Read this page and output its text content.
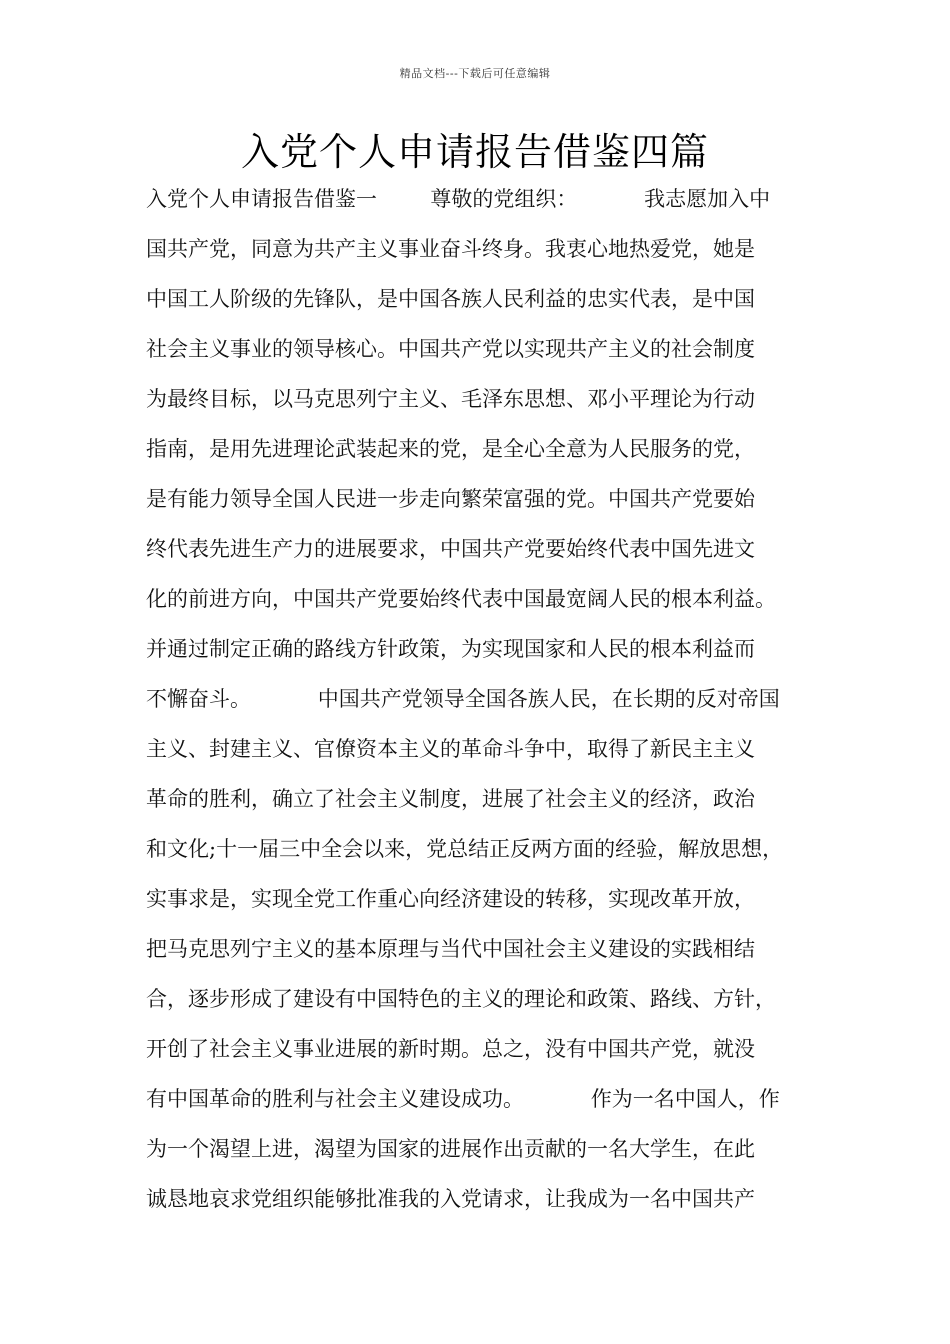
精品文档---下载后可任意编辑
入党个人申请报告借鉴四篇
入党个人申请报告借鉴一        尊敬的党组织：          我志愿加入中
国共产党，同意为共产主义事业奋斗终身。我衷心地热爱党，她是
中国工人阶级的先锋队，是中国各族人民利益的忠实代表，是中国
社会主义事业的领导核心。中国共产党以实现共产主义的社会制度
为最终目标，以马克思列宁主义、毛泽东思想、邓小平理论为行动
指南，是用先进理论武装起来的党，是全心全意为人民服务的党，
是有能力领导全国人民进一步走向繁荣富强的党。中国共产党要始
终代表先进生产力的进展要求，中国共产党要始终代表中国先进文
化的前进方向，中国共产党要始终代表中国最宽阔人民的根本利益。
并通过制定正确的路线方针政策，为实现国家和人民的根本利益而
不懈奋斗。          中国共产党领导全国各族人民，在长期的反对帝国
主义、封建主义、官僚资本主义的革命斗争中，取得了新民主主义
革命的胜利，确立了社会主义制度，进展了社会主义的经济，政治
和文化;十一届三中全会以来，党总结正反两方面的经验，解放思想，
实事求是，实现全党工作重心向经济建设的转移，实现改革开放，
把马克思列宁主义的基本原理与当代中国社会主义建设的实践相结
合，逐步形成了建设有中国特色的主义的理论和政策、路线、方针，
开创了社会主义事业进展的新时期。总之，没有中国共产党，就没
有中国革命的胜利与社会主义建设成功。          作为一名中国人，作
为一个渴望上进，渴望为国家的进展作出贡献的一名大学生，在此
诚恳地哀求党组织能够批准我的入党请求，让我成为一名中国共产
